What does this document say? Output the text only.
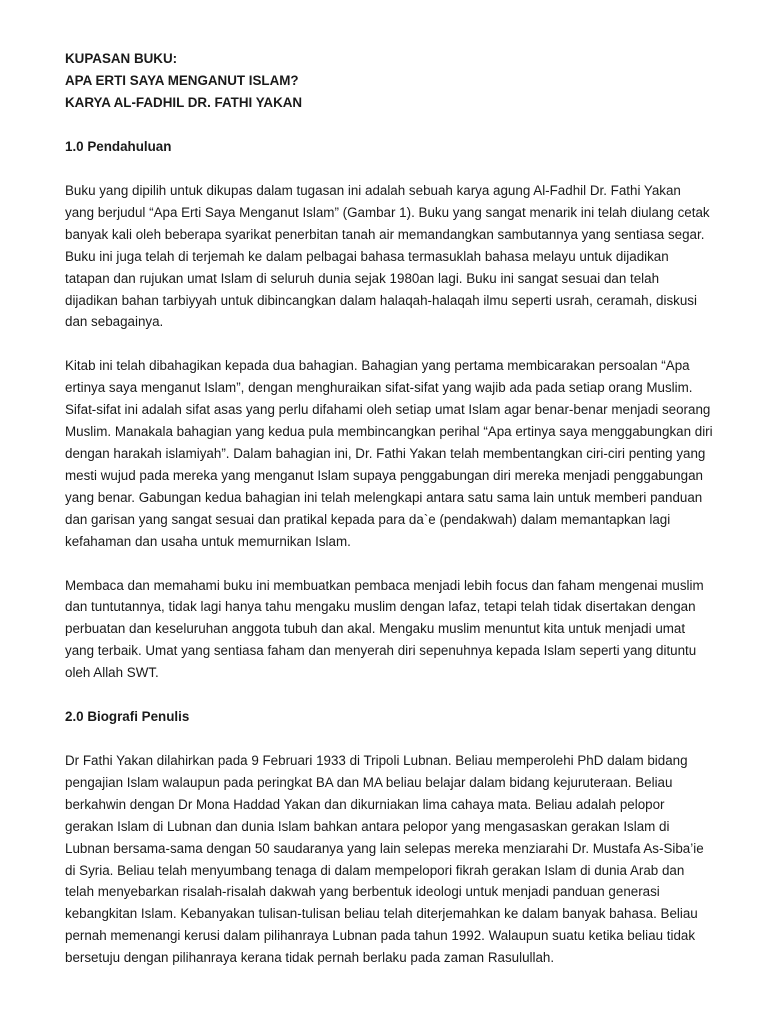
KUPASAN BUKU:

APA ERTI SAYA MENGANUT ISLAM?

KARYA AL-FADHIL DR. FATHI YAKAN

1.0 Pendahuluan

Buku yang dipilih untuk dikupas dalam tugasan ini adalah sebuah karya agung Al-Fadhil Dr. Fathi Yakan yang berjudul “Apa Erti Saya Menganut Islam” (Gambar 1). Buku yang sangat menarik ini telah diulang cetak banyak kali oleh beberapa syarikat penerbitan tanah air memandangkan sambutannya yang sentiasa segar. Buku ini juga telah di terjemah ke dalam pelbagai bahasa termasuklah bahasa melayu untuk dijadikan tatapan dan rujukan umat Islam di seluruh dunia sejak 1980an lagi. Buku ini sangat sesuai dan telah dijadikan bahan tarbiyyah untuk dibincangkan dalam halaqah-halaqah ilmu seperti usrah, ceramah, diskusi dan sebagainya.

Kitab ini telah dibahagikan kepada dua bahagian. Bahagian yang pertama membicarakan persoalan “Apa ertinya saya menganut Islam”, dengan menghuraikan sifat-sifat yang wajib ada pada setiap orang Muslim. Sifat-sifat ini adalah sifat asas yang perlu difahami oleh setiap umat Islam agar benar-benar menjadi seorang Muslim. Manakala bahagian yang kedua pula membincangkan perihal “Apa ertinya saya menggabungkan diri dengan harakah islamiyah”. Dalam bahagian ini, Dr. Fathi Yakan telah membentangkan ciri-ciri penting yang mesti wujud pada mereka yang menganut Islam supaya penggabungan diri mereka menjadi penggabungan yang benar. Gabungan kedua bahagian ini telah melengkapi antara satu sama lain untuk memberi panduan dan garisan yang sangat sesuai dan pratikal kepada para da`e (pendakwah) dalam memantapkan lagi kefahaman dan usaha untuk memurnikan Islam.

Membaca dan memahami buku ini membuatkan pembaca menjadi lebih focus dan faham mengenai muslim dan tuntutannya, tidak lagi hanya tahu mengaku muslim dengan lafaz, tetapi telah tidak disertakan dengan perbuatan dan keseluruhan anggota tubuh dan akal. Mengaku muslim menuntut kita untuk menjadi umat yang terbaik. Umat yang sentiasa faham dan menyerah diri sepenuhnya kepada Islam seperti yang dituntu oleh Allah SWT.

2.0 Biografi Penulis

Dr Fathi Yakan dilahirkan pada 9 Februari 1933 di Tripoli Lubnan. Beliau memperolehi PhD dalam bidang pengajian Islam walaupun pada peringkat BA dan MA beliau belajar dalam bidang kejuruteraan. Beliau berkahwin dengan Dr Mona Haddad Yakan dan dikurniakan lima cahaya mata. Beliau adalah pelopor gerakan Islam di Lubnan dan dunia Islam bahkan antara pelopor yang mengasaskan gerakan Islam di Lubnan bersama-sama dengan 50 saudaranya yang lain selepas mereka menziarahi Dr. Mustafa As-Siba’ie di Syria. Beliau telah menyumbang tenaga di dalam mempelopori fikrah gerakan Islam di dunia Arab dan telah menyebarkan risalah-risalah dakwah yang berbentuk ideologi untuk menjadi panduan generasi kebangkitan Islam. Kebanyakan tulisan-tulisan beliau telah diterjemahkan ke dalam banyak bahasa. Beliau pernah memenangi kerusi dalam pilihanraya Lubnan pada tahun 1992. Walaupun suatu ketika beliau tidak bersetuju dengan pilihanraya kerana tidak pernah berlaku pada zaman Rasulullah.
